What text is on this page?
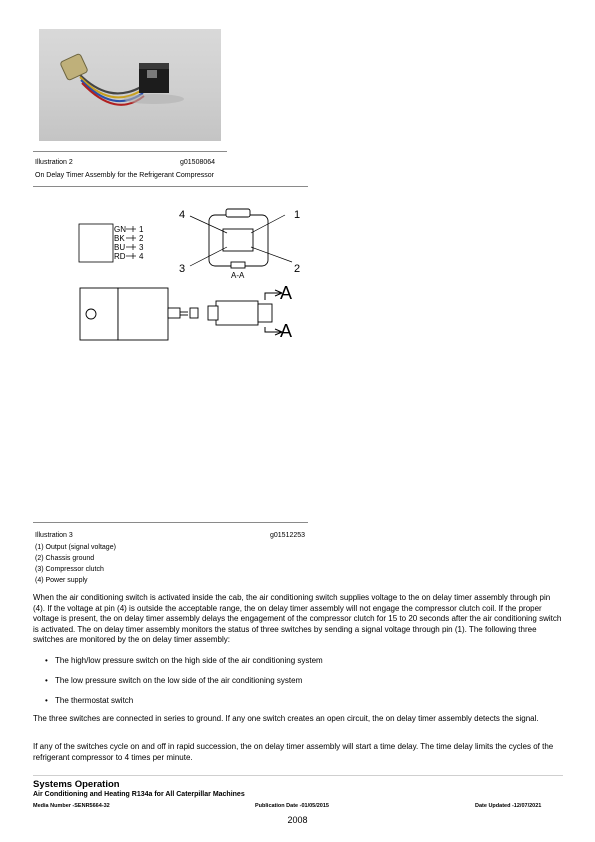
Illustration 2	g01508064
On Delay Timer Assembly for the Refrigerant Compressor
GN
BK
BU
RD
1
2
3
4
4	1
3	2
A-A
A
A
Illustration 3	g01512253
(1) Output (signal voltage)
(2) Chassis ground
(3) Compressor clutch
(4) Power supply
When the air conditioning switch is activated inside the cab, the air conditioning switch supplies voltage to the on delay timer assembly through pin (4). If the voltage at pin (4) is outside the acceptable range, the on delay timer assembly will not engage the compressor clutch coil. If the proper voltage is present, the on delay timer assembly delays the engagement of the compressor clutch for 15 to 20 seconds after the air conditioning switch is activated. The on delay timer assembly monitors the status of three switches by sending a signal voltage through pin (1). The following three switches are monitored by the on delay timer assembly:
• The high/low pressure switch on the high side of the air conditioning system
• The low pressure switch on the low side of the air conditioning system
• The thermostat switch
The three switches are connected in series to ground. If any one switch creates an open circuit, the on delay timer assembly detects the signal.
If any of the switches cycle on and off in rapid succession, the on delay timer assembly will start a time delay. The time delay limits the cycles of the refrigerant compressor to 4 times per minute.
Systems Operation
Air Conditioning and Heating R134a for All Caterpillar Machines
Media Number -SENR5664-32	Publication Date -01/05/2015	Date Updated -12/07/2021
2008
